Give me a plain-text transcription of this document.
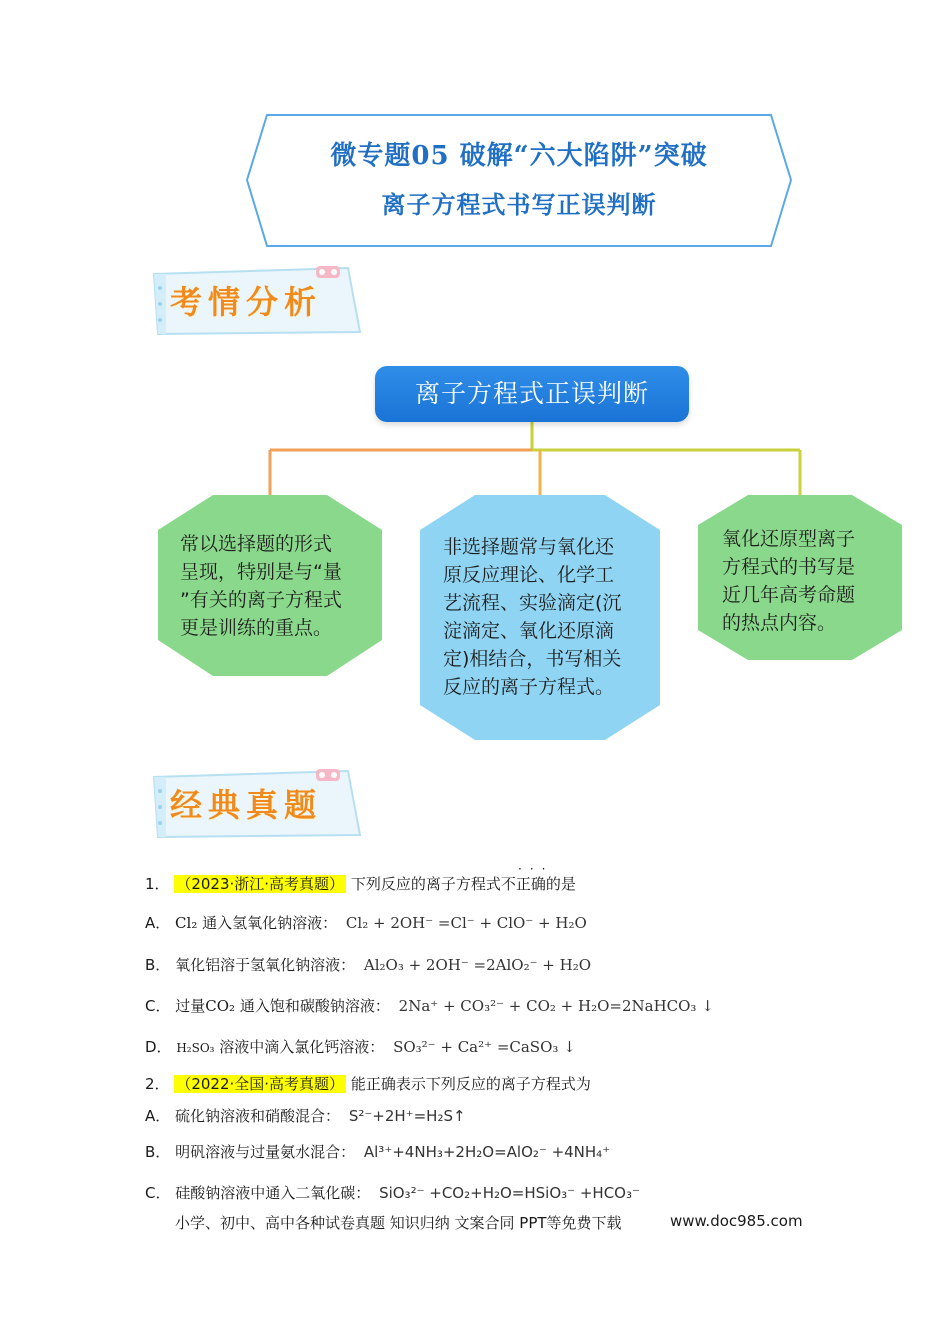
微专题05 破解“六大陷阱”突破
离子方程式书写正误判断
考情分析
离子方程式正误判断
常以选择题的形式
呈现，特别是与“量
”有关的离子方程式
更是训练的重点。
非选择题常与氧化还
原反应理论、化学工
艺流程、实验滴定(沉
淀滴定、氧化还原滴
定)相结合，书写相关
反应的离子方程式。
氧化还原型离子
方程式的书写是
近几年高考命题
的热点内容。
经典真题
1． （2023·浙江·高考真题） 下列反应的离子方程式不正确的是
···
A． Cl₂ 通入氢氧化钠溶液： Cl₂ + 2OH⁻ =Cl⁻ + ClO⁻ + H₂O
B． 氧化铝溶于氢氧化钠溶液： Al₂O₃ + 2OH⁻ =2AlO₂⁻ + H₂O
C． 过量CO₂ 通入饱和碳酸钠溶液： 2Na⁺ + CO₃²⁻ + CO₂ + H₂O=2NaHCO₃ ↓
D． H₂SO₃ 溶液中滴入氯化钙溶液： SO₃²⁻ + Ca²⁺ =CaSO₃ ↓
2． （2022·全国·高考真题） 能正确表示下列反应的离子方程式为
A． 硫化钠溶液和硝酸混合： S²⁻+2H⁺=H₂S↑
B． 明矾溶液与过量氨水混合： Al³⁺+4NH₃+2H₂O=AlO₂⁻ +4NH₄⁺
C． 硅酸钠溶液中通入二氧化碳： SiO₃²⁻ +CO₂+H₂O=HSiO₃⁻ +HCO₃⁻
小学、初中、高中各种试卷真题 知识归纳 文案合同 PPT等免费下载	www.doc985.com
